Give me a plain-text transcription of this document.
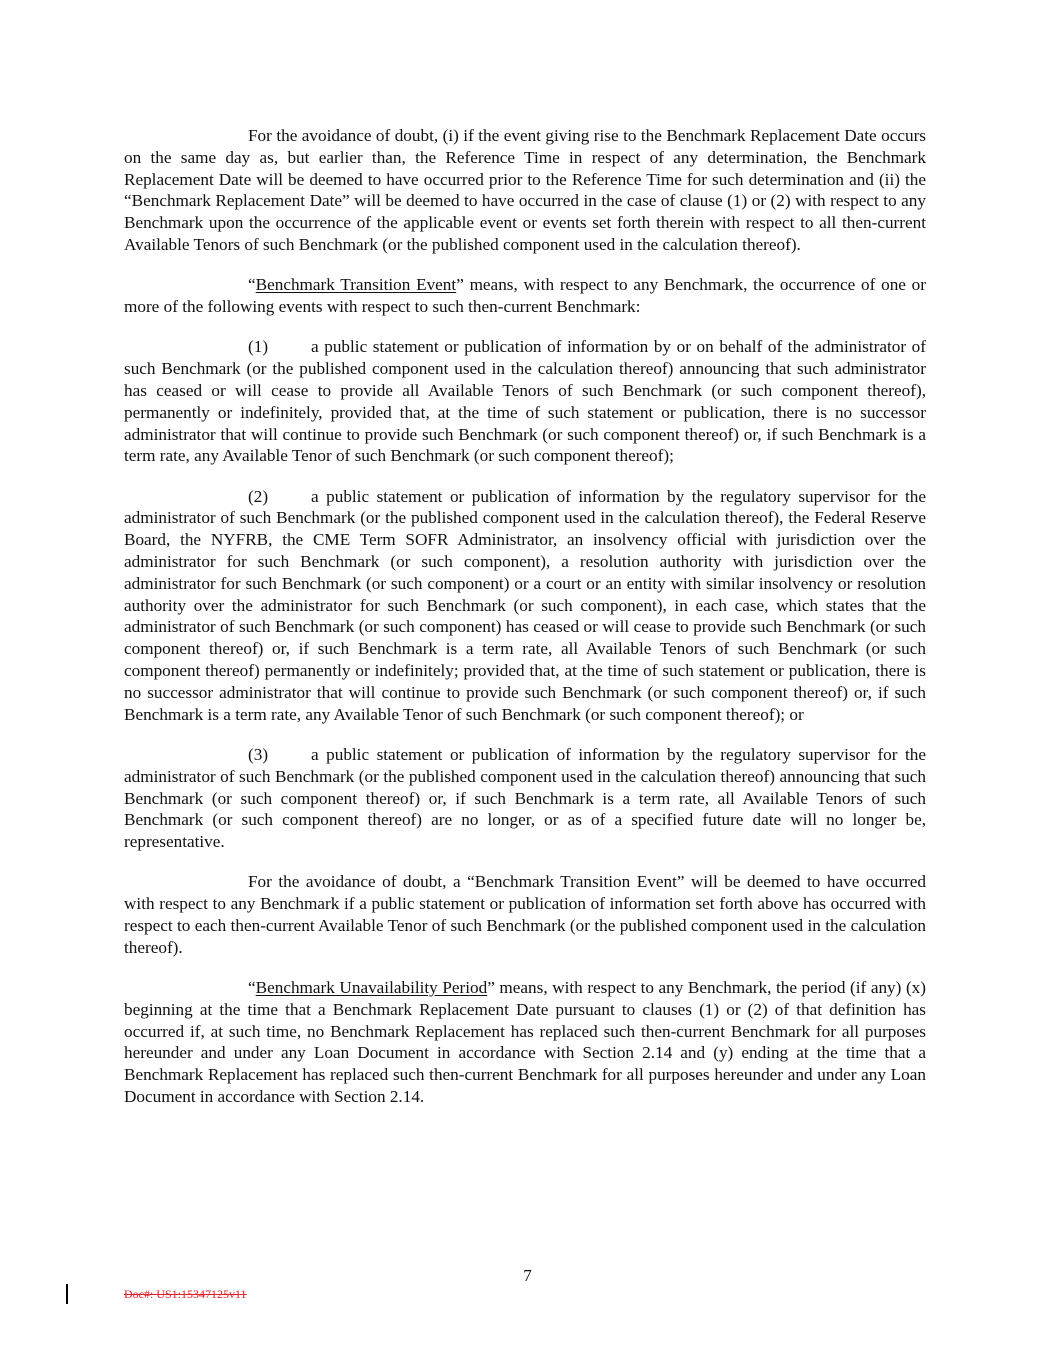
For the avoidance of doubt, (i) if the event giving rise to the Benchmark Replacement Date occurs on the same day as, but earlier than, the Reference Time in respect of any determination, the Benchmark Replacement Date will be deemed to have occurred prior to the Reference Time for such determination and (ii) the “Benchmark Replacement Date” will be deemed to have occurred in the case of clause (1) or (2) with respect to any Benchmark upon the occurrence of the applicable event or events set forth therein with respect to all then-current Available Tenors of such Benchmark (or the published component used in the calculation thereof).

“Benchmark Transition Event” means, with respect to any Benchmark, the occurrence of one or more of the following events with respect to such then-current Benchmark:

(1) a public statement or publication of information by or on behalf of the administrator of such Benchmark (or the published component used in the calculation thereof) announcing that such administrator has ceased or will cease to provide all Available Tenors of such Benchmark (or such component thereof), permanently or indefinitely, provided that, at the time of such statement or publication, there is no successor administrator that will continue to provide such Benchmark (or such component thereof) or, if such Benchmark is a term rate, any Available Tenor of such Benchmark (or such component thereof);

(2) a public statement or publication of information by the regulatory supervisor for the administrator of such Benchmark (or the published component used in the calculation thereof), the Federal Reserve Board, the NYFRB, the CME Term SOFR Administrator, an insolvency official with jurisdiction over the administrator for such Benchmark (or such component), a resolution authority with jurisdiction over the administrator for such Benchmark (or such component) or a court or an entity with similar insolvency or resolution authority over the administrator for such Benchmark (or such component), in each case, which states that the administrator of such Benchmark (or such component) has ceased or will cease to provide such Benchmark (or such component thereof) or, if such Benchmark is a term rate, all Available Tenors of such Benchmark (or such component thereof) permanently or indefinitely; provided that, at the time of such statement or publication, there is no successor administrator that will continue to provide such Benchmark (or such component thereof) or, if such Benchmark is a term rate, any Available Tenor of such Benchmark (or such component thereof); or

(3) a public statement or publication of information by the regulatory supervisor for the administrator of such Benchmark (or the published component used in the calculation thereof) announcing that such Benchmark (or such component thereof) or, if such Benchmark is a term rate, all Available Tenors of such Benchmark (or such component thereof) are no longer, or as of a specified future date will no longer be, representative.

For the avoidance of doubt, a “Benchmark Transition Event” will be deemed to have occurred with respect to any Benchmark if a public statement or publication of information set forth above has occurred with respect to each then-current Available Tenor of such Benchmark (or the published component used in the calculation thereof).

“Benchmark Unavailability Period” means, with respect to any Benchmark, the period (if any) (x) beginning at the time that a Benchmark Replacement Date pursuant to clauses (1) or (2) of that definition has occurred if, at such time, no Benchmark Replacement has replaced such then-current Benchmark for all purposes hereunder and under any Loan Document in accordance with Section 2.14 and (y) ending at the time that a Benchmark Replacement has replaced such then-current Benchmark for all purposes hereunder and under any Loan Document in accordance with Section 2.14.

7
Doc#: US1:15347125v11
